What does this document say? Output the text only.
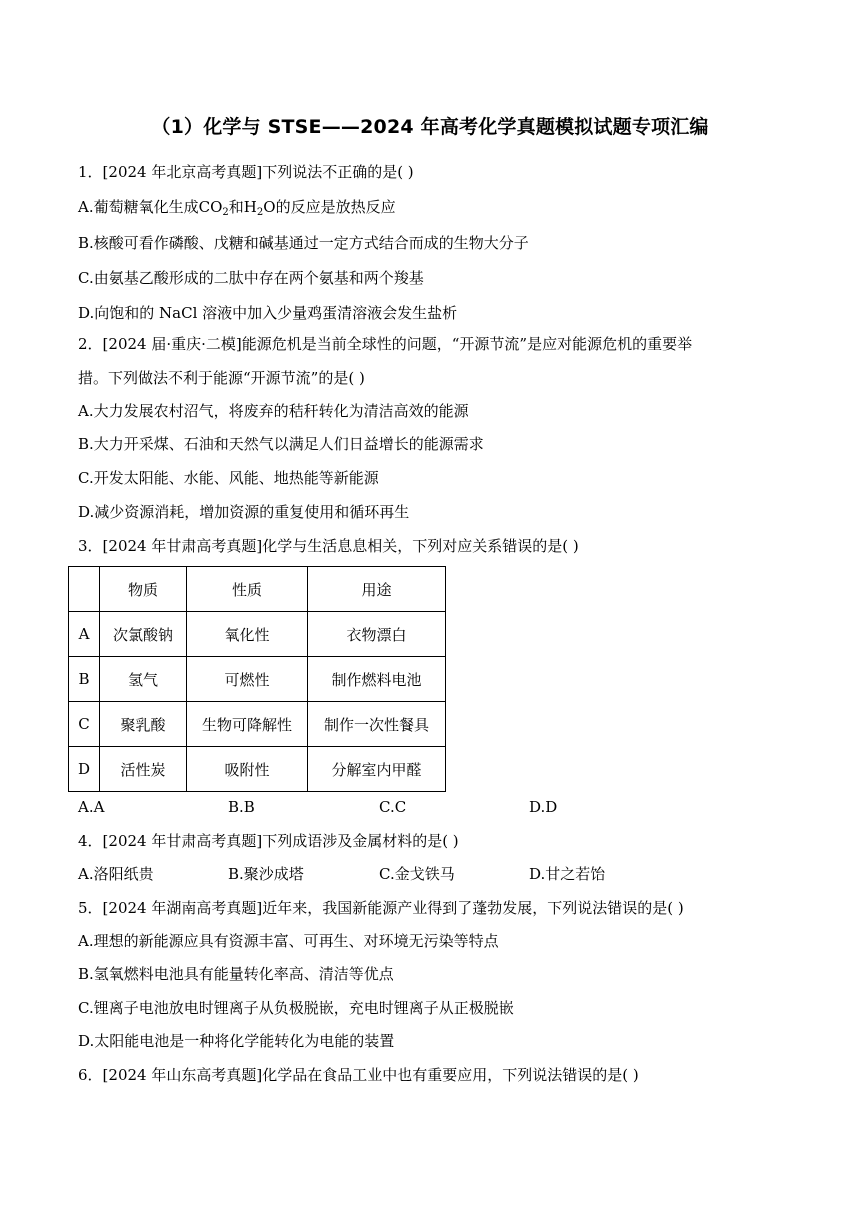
（1）化学与 STSE——2024 年高考化学真题模拟试题专项汇编
1．[2024 年北京高考真题]下列说法不正确的是( )
A.葡萄糖氧化生成$CO_2$和$H_2O$的反应是放热反应
B.核酸可看作磷酸、戊糖和碱基通过一定方式结合而成的生物大分子
C.由氨基乙酸形成的二肽中存在两个氨基和两个羧基
D.向饱和的 NaCl 溶液中加入少量鸡蛋清溶液会发生盐析
2．[2024 届·重庆·二模]能源危机是当前全球性的问题，“开源节流”是应对能源危机的重要举
措。下列做法不利于能源“开源节流”的是( )
A.大力发展农村沼气，将废弃的秸秆转化为清洁高效的能源
B.大力开采煤、石油和天然气以满足人们日益增长的能源需求
C.开发太阳能、水能、风能、地热能等新能源
D.减少资源消耗，增加资源的重复使用和循环再生
3．[2024 年甘肃高考真题]化学与生活息息相关，下列对应关系错误的是( )
	物质	性质	用途
A	次氯酸钠	氧化性	衣物漂白
B	氢气	可燃性	制作燃料电池
C	聚乳酸	生物可降解性	制作一次性餐具
D	活性炭	吸附性	分解室内甲醛
A.A	B.B	C.C	D.D
4．[2024 年甘肃高考真题]下列成语涉及金属材料的是( )
A.洛阳纸贵	B.聚沙成塔	C.金戈铁马	D.甘之若饴
5．[2024 年湖南高考真题]近年来，我国新能源产业得到了蓬勃发展，下列说法错误的是( )
A.理想的新能源应具有资源丰富、可再生、对环境无污染等特点
B.氢氧燃料电池具有能量转化率高、清洁等优点
C.锂离子电池放电时锂离子从负极脱嵌，充电时锂离子从正极脱嵌
D.太阳能电池是一种将化学能转化为电能的装置
6．[2024 年山东高考真题]化学品在食品工业中也有重要应用，下列说法错误的是( )
